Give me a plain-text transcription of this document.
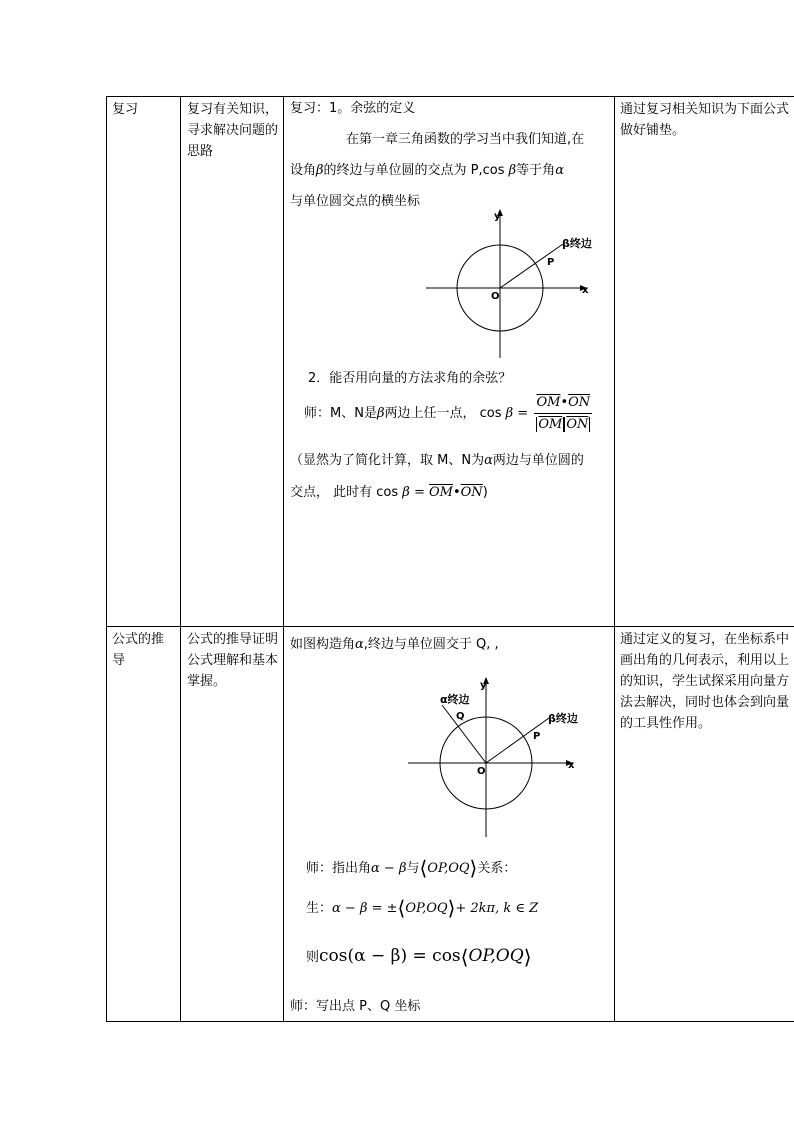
复习	复习有关知识，寻求解决问题的思路

复习：1。余弦的定义

在第一章三角函数的学习当中我们知道,在

设角β的终边与单位圆的交点为 P,cos β等于角α

与单位圆交点的横坐标

y
x
O
P
β终边

2．能否用向量的方法求角的余弦？

师：M、N是β两边上任一点， $\cos \beta = \frac{\overline{OM}•\overline{ON}}{\overline{OM} \overline{ON}}$

（显然为了简化计算，取 M、N为α两边与单位圆的

交点， 此时有 $\cos \beta = \overline{OM}•\overline{ON}$)

通过复习相关知识为下面公式做好铺垫。
公式的推导
公式的推导证明
公式理解和基本掌握。

如图构造角α,终边与单位圆交于 Q, ,

y
x
O
P
Q	β终边
α终边
师：指出角α − β与⟨OP,OQ⟩关系：
生：α − β = ±⟨OP,OQ⟩+ 2kπ, k ∈ Z
则cos(α − β) = cos⟨OP,OQ⟩

师：写出点 P、Q 坐标

通过定义的复习，在坐标系中画出角的几何表示，利用以上的知识，学生试探采用向量方法去解决，同时也体会到向量的工具性作用。
